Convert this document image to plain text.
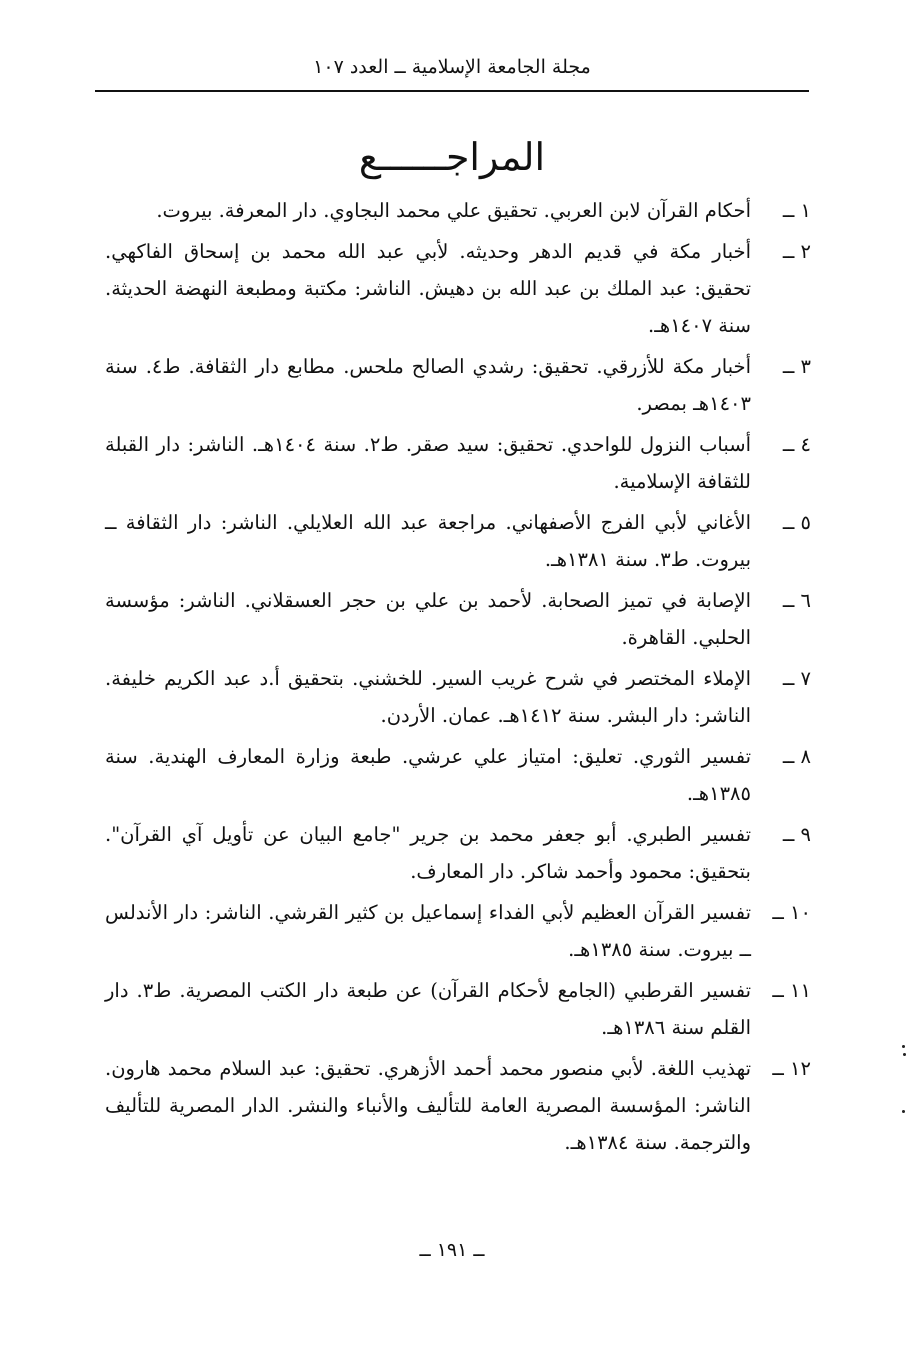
مجلة الجامعة الإسلامية ــ العدد ١٠٧
المراجــــــع
١ ــ
أحكام القرآن لابن العربي. تحقيق علي محمد البجاوي. دار المعرفة. بيروت.
٢ ــ
أخبار مكة في قديم الدهر وحديثه. لأبي عبد الله محمد بن إسحاق الفاكهي. تحقيق: عبد الملك بن عبد الله بن دهيش. الناشر: مكتبة ومطبعة النهضة الحديثة. سنة ١٤٠٧هـ.
٣ ــ
أخبار مكة للأزرقي. تحقيق: رشدي الصالح ملحس. مطابع دار الثقافة. ط٤. سنة ١٤٠٣هـ بمصر.
٤ ــ
أسباب النزول للواحدي. تحقيق: سيد صقر. ط٢. سنة ١٤٠٤هـ. الناشر: دار القبلة للثقافة الإسلامية.
٥ ــ
الأغاني لأبي الفرج الأصفهاني. مراجعة عبد الله العلايلي. الناشر: دار الثقافة ــ بيروت. ط٣. سنة ١٣٨١هـ.
٦ ــ
الإصابة في تميز الصحابة. لأحمد بن علي بن حجر العسقلاني. الناشر: مؤسسة الحلبي. القاهرة.
٧ ــ
الإملاء المختصر في شرح غريب السير. للخشني. بتحقيق أ.د عبد الكريم خليفة. الناشر: دار البشر. سنة ١٤١٢هـ. عمان. الأردن.
٨ ــ
تفسير الثوري. تعليق: امتياز علي عرشي. طبعة وزارة المعارف الهندية. سنة ١٣٨٥هـ.
٩ ــ
تفسير الطبري. أبو جعفر محمد بن جرير "جامع البيان عن تأويل آي القرآن". بتحقيق: محمود وأحمد شاكر. دار المعارف.
١٠ ــ
تفسير القرآن العظيم لأبي الفداء إسماعيل بن كثير القرشي. الناشر: دار الأندلس ــ بيروت. سنة ١٣٨٥هـ.
١١ ــ
تفسير القرطبي (الجامع لأحكام القرآن) عن طبعة دار الكتب المصرية. ط٣. دار القلم سنة ١٣٨٦هـ.
١٢ ــ
تهذيب اللغة. لأبي منصور محمد أحمد الأزهري. تحقيق: عبد السلام محمد هارون. الناشر: المؤسسة المصرية العامة للتأليف والأنباء والنشر. الدار المصرية للتأليف والترجمة. سنة ١٣٨٤هـ.
ــ ١٩١ ــ
